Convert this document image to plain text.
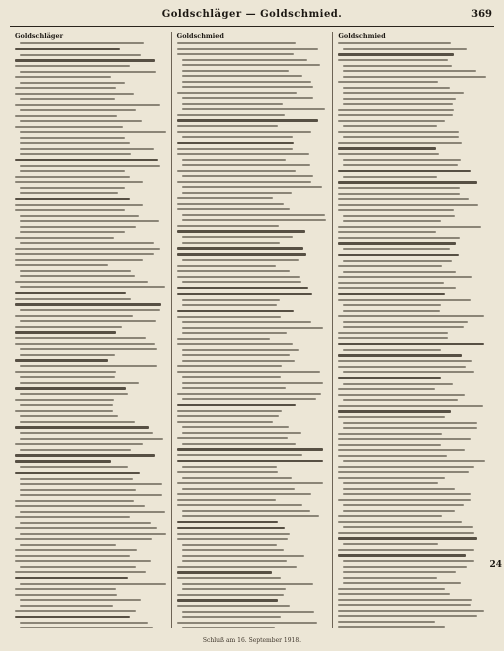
Goldschläger — Goldschmied.	369
Goldschläger	Goldschmied	Goldschmied
24
Schluß am 16. September 1918.
